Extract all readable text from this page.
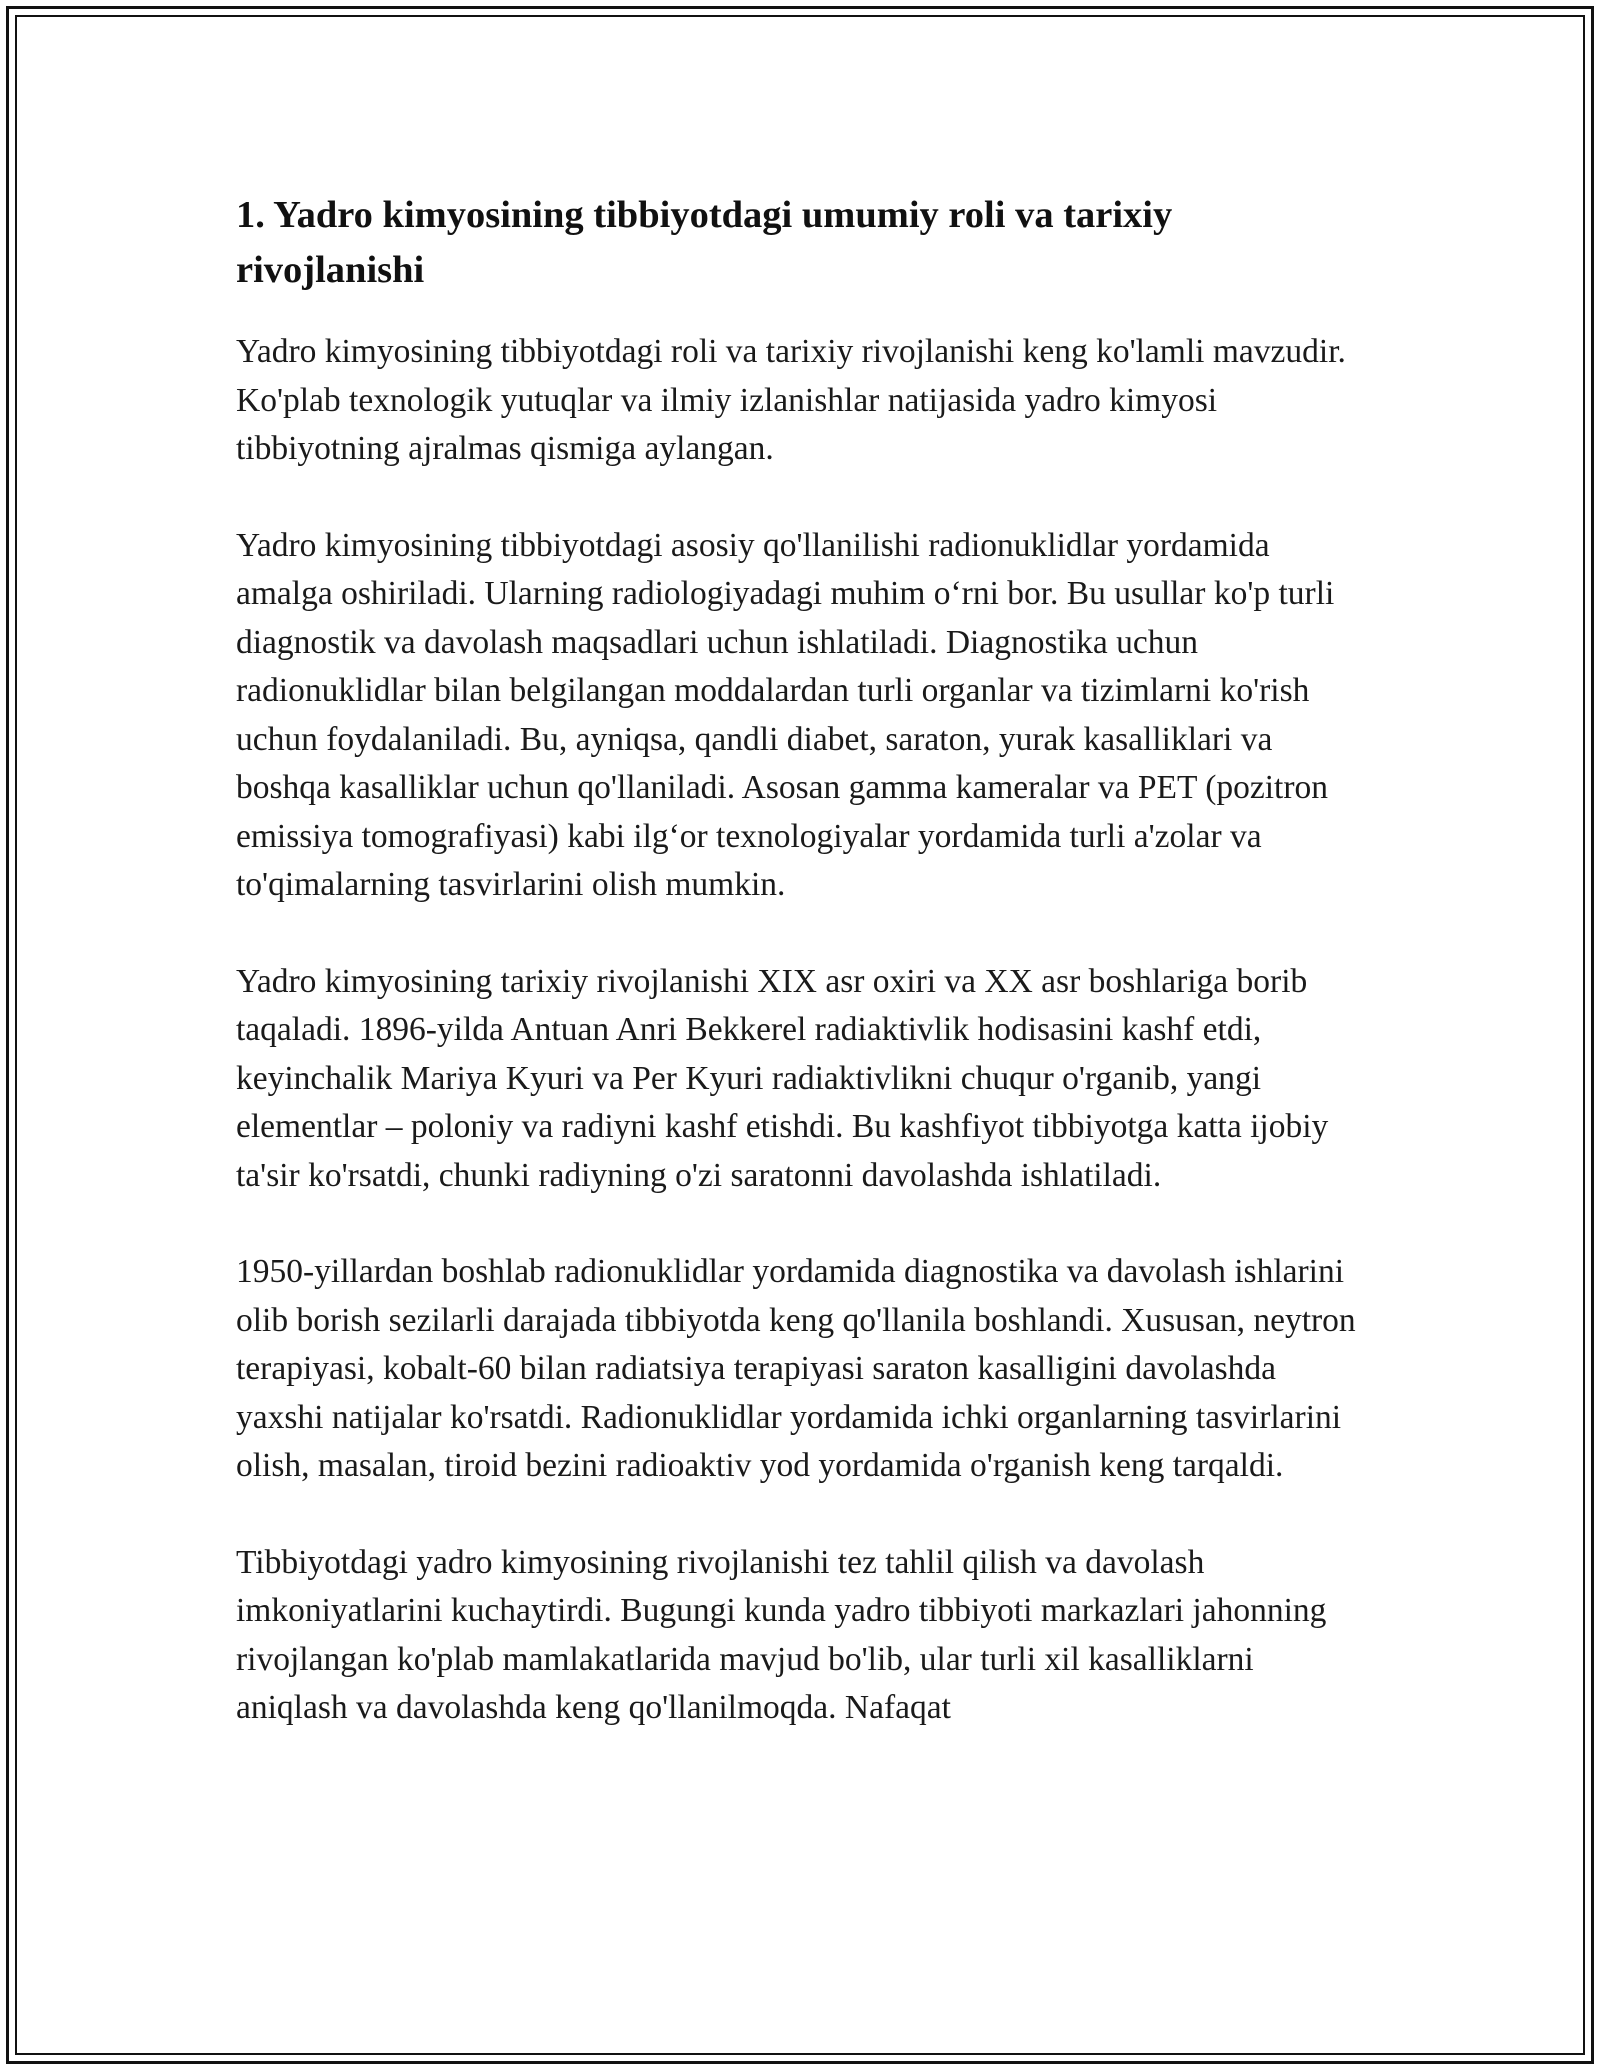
1. Yadro kimyosining tibbiyotdagi umumiy roli va tarixiy rivojlanishi

Yadro kimyosining tibbiyotdagi roli va tarixiy rivojlanishi keng ko'lamli mavzudir. Ko'plab texnologik yutuqlar va ilmiy izlanishlar natijasida yadro kimyosi tibbiyotning ajralmas qismiga aylangan.

Yadro kimyosining tibbiyotdagi asosiy qo'llanilishi radionuklidlar yordamida amalga oshiriladi. Ularning radiologiyadagi muhim oʻrni bor. Bu usullar ko'p turli diagnostik va davolash maqsadlari uchun ishlatiladi. Diagnostika uchun radionuklidlar bilan belgilangan moddalardan turli organlar va tizimlarni ko'rish uchun foydalaniladi. Bu, ayniqsa, qandli diabet, saraton, yurak kasalliklari va boshqa kasalliklar uchun qo'llaniladi. Asosan gamma kameralar va PET (pozitron emissiya tomografiyasi) kabi ilgʻor texnologiyalar yordamida turli a'zolar va to'qimalarning tasvirlarini olish mumkin.

Yadro kimyosining tarixiy rivojlanishi XIX asr oxiri va XX asr boshlariga borib taqaladi. 1896-yilda Antuan Anri Bekkerel radiaktivlik hodisasini kashf etdi, keyinchalik Mariya Kyuri va Per Kyuri radiaktivlikni chuqur o'rganib, yangi elementlar – poloniy va radiyni kashf etishdi. Bu kashfiyot tibbiyotga katta ijobiy ta'sir ko'rsatdi, chunki radiyning o'zi saratonni davolashda ishlatiladi.

1950-yillardan boshlab radionuklidlar yordamida diagnostika va davolash ishlarini olib borish sezilarli darajada tibbiyotda keng qo'llanila boshlandi. Xususan, neytron terapiyasi, kobalt-60 bilan radiatsiya terapiyasi saraton kasalligini davolashda yaxshi natijalar ko'rsatdi. Radionuklidlar yordamida ichki organlarning tasvirlarini olish, masalan, tiroid bezini radioaktiv yod yordamida o'rganish keng tarqaldi.

Tibbiyotdagi yadro kimyosining rivojlanishi tez tahlil qilish va davolash imkoniyatlarini kuchaytirdi. Bugungi kunda yadro tibbiyoti markazlari jahonning rivojlangan ko'plab mamlakatlarida mavjud bo'lib, ular turli xil kasalliklarni aniqlash va davolashda keng qo'llanilmoqda. Nafaqat
